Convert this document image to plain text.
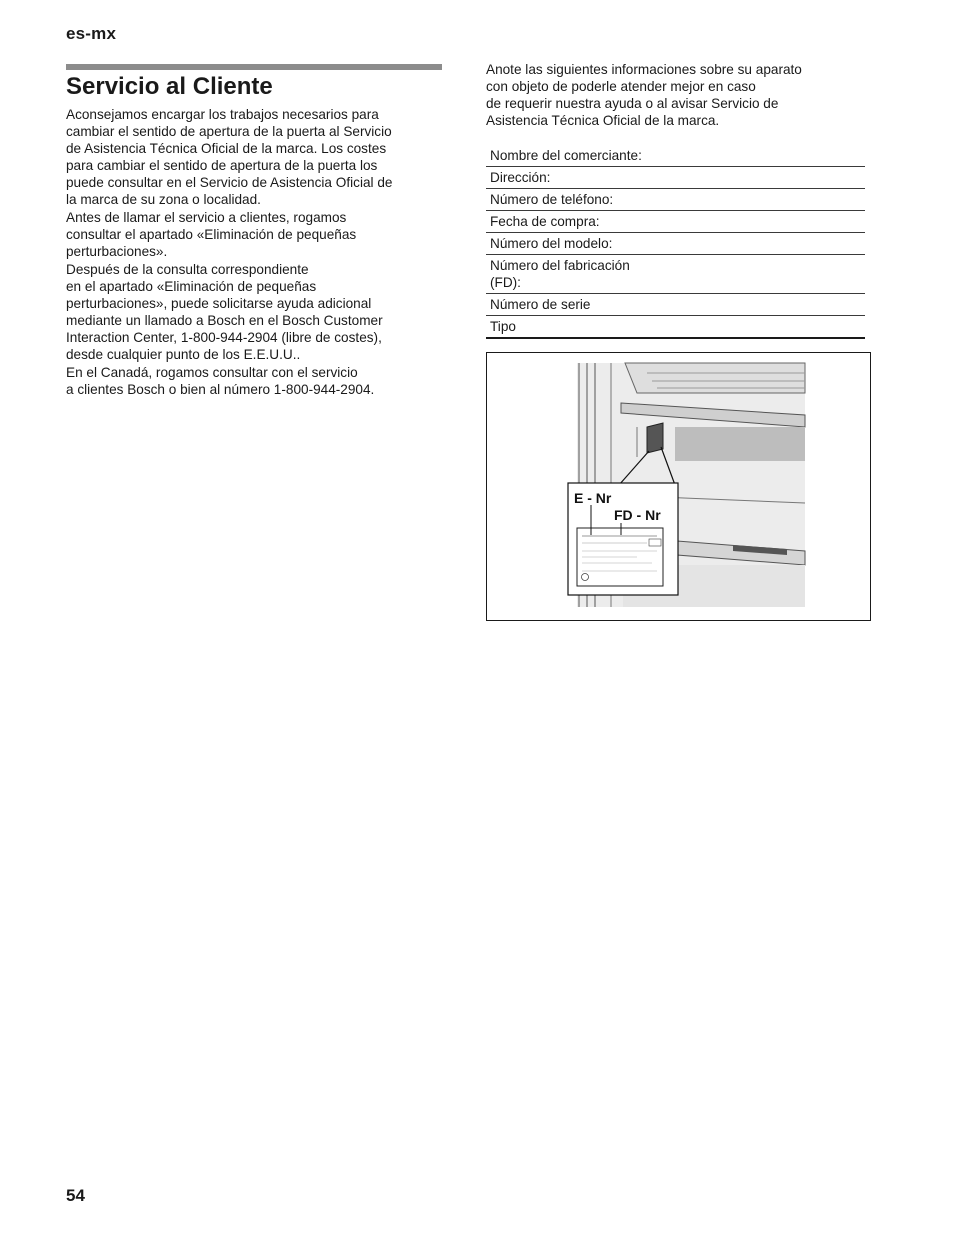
es-mx
Servicio al Cliente

Aconsejamos encargar los trabajos necesarios para
cambiar el sentido de apertura de la puerta al Servicio
de Asistencia Técnica Oficial de la marca. Los costes
para cambiar el sentido de apertura de la puerta los
puede consultar en el Servicio de Asistencia Oficial de
la marca de su zona o localidad.

Antes de llamar el servicio a clientes, rogamos
consultar el apartado «Eliminación de pequeñas
perturbaciones».

Después de la consulta correspondiente
en el apartado «Eliminación de pequeñas
perturbaciones», puede solicitarse ayuda adicional
mediante un llamado a Bosch en el Bosch Customer
Interaction Center, 1-800-944-2904 (libre de costes),
desde cualquier punto de los E.E.U.U..

En el Canadá, rogamos consultar con el servicio
a clientes Bosch o bien al número 1-800-944-2904.

Anote las siguientes informaciones sobre su aparato
con objeto de poderle atender mejor en caso
de requerir nuestra ayuda o al avisar Servicio de
Asistencia Técnica Oficial de la marca.

Nombre del comerciante:
Dirección:
Número de teléfono:
Fecha de compra:
Número del modelo:
Número del fabricación
(FD):
Número de serie
Tipo
E - Nr
FD - Nr
54
